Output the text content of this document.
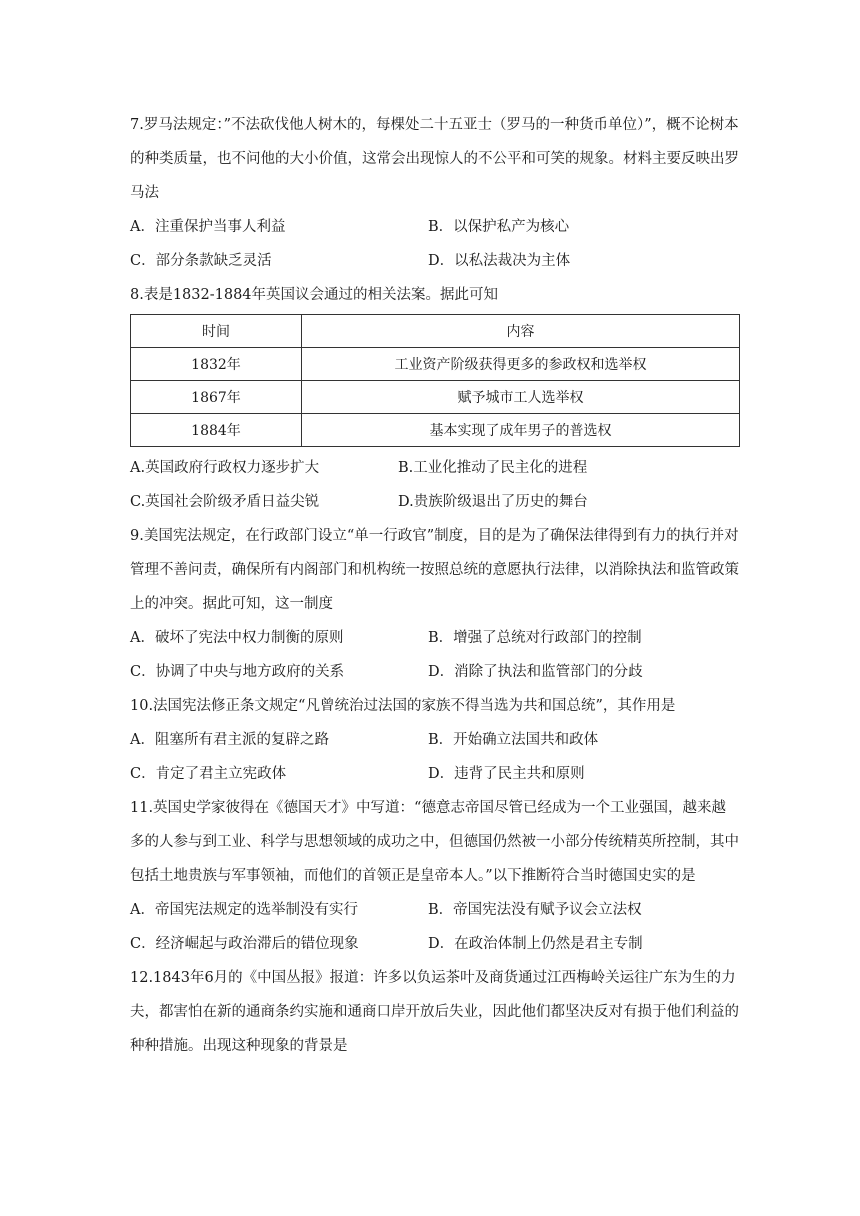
7.罗马法规定：”不法砍伐他人树木的，每棵处二十五亚士（罗马的一种货币单位）”，概不论树本的种类质量，也不问他的大小价值，这常会出现惊人的不公平和可笑的规象。材料主要反映出罗马法
A．注重保护当事人利益	B．以保护私产为核心
C．部分条款缺乏灵活	D．以私法裁决为主体
8.表是1832-1884年英国议会通过的相关法案。据此可知
时间	内容
1832年	工业资产阶级获得更多的参政权和选举权
1867年	赋予城市工人选举权
1884年	基本实现了成年男子的普选权
A.英国政府行政权力逐步扩大	B.工业化推动了民主化的进程
C.英国社会阶级矛盾日益尖锐	D.贵族阶级退出了历史的舞台
9.美国宪法规定，在行政部门设立“单一行政官”制度，目的是为了确保法律得到有力的执行并对管理不善问责，确保所有内阁部门和机构统一按照总统的意愿执行法律，以消除执法和监管政策上的冲突。据此可知，这一制度
A．破坏了宪法中权力制衡的原则	B．增强了总统对行政部门的控制
C．协调了中央与地方政府的关系	D．消除了执法和监管部门的分歧
10.法国宪法修正条文规定“凡曾统治过法国的家族不得当选为共和国总统”，其作用是
A．阻塞所有君主派的复辟之路	B．开始确立法国共和政体
C．肯定了君主立宪政体	D．违背了民主共和原则
11.英国史学家彼得在《德国天才》中写道：“德意志帝国尽管已经成为一个工业强国，越来越多的人参与到工业、科学与思想领域的成功之中，但德国仍然被一小部分传统精英所控制，其中包括土地贵族与军事领袖，而他们的首领正是皇帝本人。”以下推断符合当时德国史实的是
A．帝国宪法规定的选举制没有实行	B．帝国宪法没有赋予议会立法权
C．经济崛起与政治滞后的错位现象	D．在政治体制上仍然是君主专制
12.1843年6月的《中国丛报》报道：许多以负运茶叶及商货通过江西梅岭关运往广东为生的力夫，都害怕在新的通商条约实施和通商口岸开放后失业，因此他们都坚决反对有损于他们利益的种种措施。出现这种现象的背景是
